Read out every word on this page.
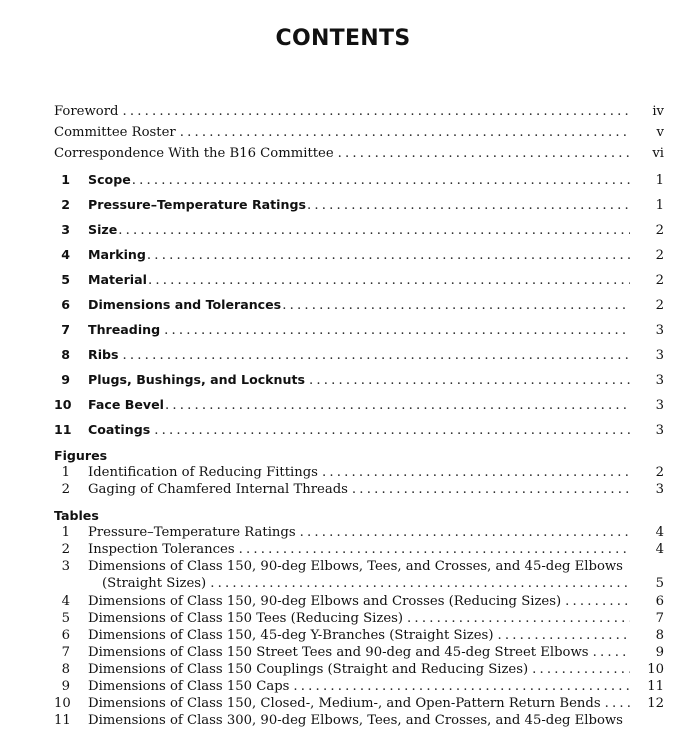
CONTENTS
Foreword . . .	iv
Committee Roster . . .	v
Correspondence With the B16 Committee . . .	vi
1 Scope . . .	1
2 Pressure–Temperature Ratings . . .	1
3 Size . . .	2
4 Marking . . .	2
5 Material . . .	2
6 Dimensions and Tolerances . . .	2
7 Threading . . .	3
8 Ribs . . .	3
9 Plugs, Bushings, and Locknuts . . .	3
10 Face Bevel . . .	3
11 Coatings . . .	3
Figures
1 Identification of Reducing Fittings . . .	2
2 Gaging of Chamfered Internal Threads . . .	3
Tables
1 Pressure–Temperature Ratings . . .	4
2 Inspection Tolerances . . .	4
3 Dimensions of Class 150, 90-deg Elbows, Tees, and Crosses, and 45-deg Elbows
(Straight Sizes) . . .	5
4 Dimensions of Class 150, 90-deg Elbows and Crosses (Reducing Sizes) . . .	6
5 Dimensions of Class 150 Tees (Reducing Sizes) . . .	7
6 Dimensions of Class 150, 45-deg Y-Branches (Straight Sizes) . . .	8
7 Dimensions of Class 150 Street Tees and 90-deg and 45-deg Street Elbows . . .	9
8 Dimensions of Class 150 Couplings (Straight and Reducing Sizes) . . .	10
9 Dimensions of Class 150 Caps . . .	11
10 Dimensions of Class 150, Closed-, Medium-, and Open-Pattern Return Bends . . .	12
11 Dimensions of Class 300, 90-deg Elbows, Tees, and Crosses, and 45-deg Elbows
